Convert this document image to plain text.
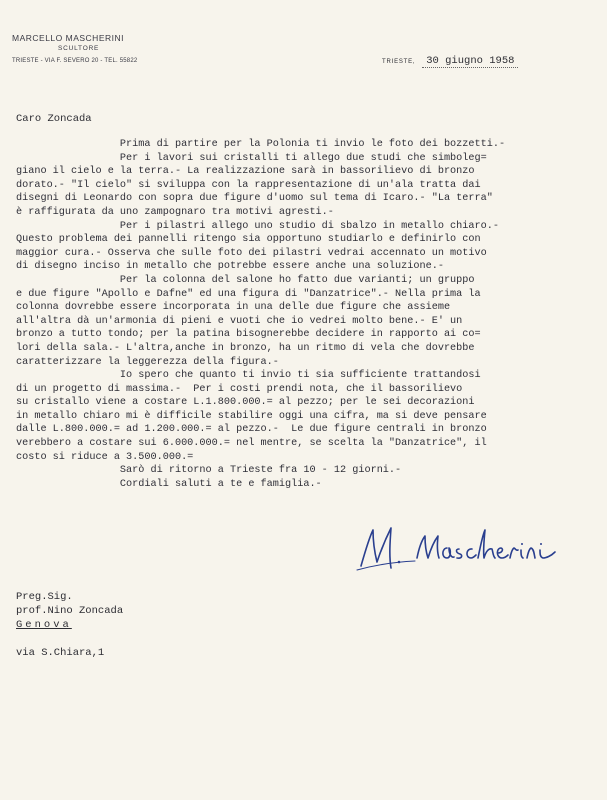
MARCELLO MASCHERINI
SCULTORE
TRIESTE - VIA F. SEVERO 20 - TEL. 55822	TRIESTE, 30 giugno 1958
Caro Zoncada
Prima di partire per la Polonia ti invio le foto dei bozzetti.-
Per i lavori sui cristalli ti allego due studi che simboleg=
giano il cielo e la terra.- La realizzazione sarà in bassorilievo di bronzo
dorato.- "Il cielo" si sviluppa con la rappresentazione di un'ala tratta dai
disegni di Leonardo con sopra due figure d'uomo sul tema di Icaro.- "La terra"
è raffigurata da uno zampognaro tra motivi agresti.-
Per i pilastri allego uno studio di sbalzo in metallo chiaro.-
Questo problema dei pannelli ritengo sia opportuno studiarlo e definirlo con
maggior cura.- Osserva che sulle foto dei pilastri vedrai accennato un motivo
di disegno inciso in metallo che potrebbe essere anche una soluzione.-
Per la colonna del salone ho fatto due varianti; un gruppo
e due figure "Apollo e Dafne" ed una figura di "Danzatrice".- Nella prima la
colonna dovrebbe essere incorporata in una delle due figure che assieme
all'altra dà un'armonia di pieni e vuoti che io vedrei molto bene.- E' un
bronzo a tutto tondo; per la patina bisognerebbe decidere in rapporto ai co=
lori della sala.- L'altra,anche in bronzo, ha un ritmo di vela che dovrebbe
caratterizzare la leggerezza della figura.-
Io spero che quanto ti invio ti sia sufficiente trattandosi
di un progetto di massima.-  Per i costi prendi nota, che il bassorilievo
su cristallo viene a costare L.1.800.000.= al pezzo; per le sei decorazioni
in metallo chiaro mi è difficile stabilire oggi una cifra, ma si deve pensare
dalle L.800.000.= ad 1.200.000.= al pezzo.-  Le due figure centrali in bronzo
verebbero a costare sui 6.000.000.= nel mentre, se scelta la "Danzatrice", il
costo si riduce a 3.500.000.=
Sarò di ritorno a Trieste fra 10 - 12 giorni.-
Cordiali saluti a te e famiglia.-
Preg.Sig.
prof.Nino Zoncada
Genova
via S.Chiara,1
